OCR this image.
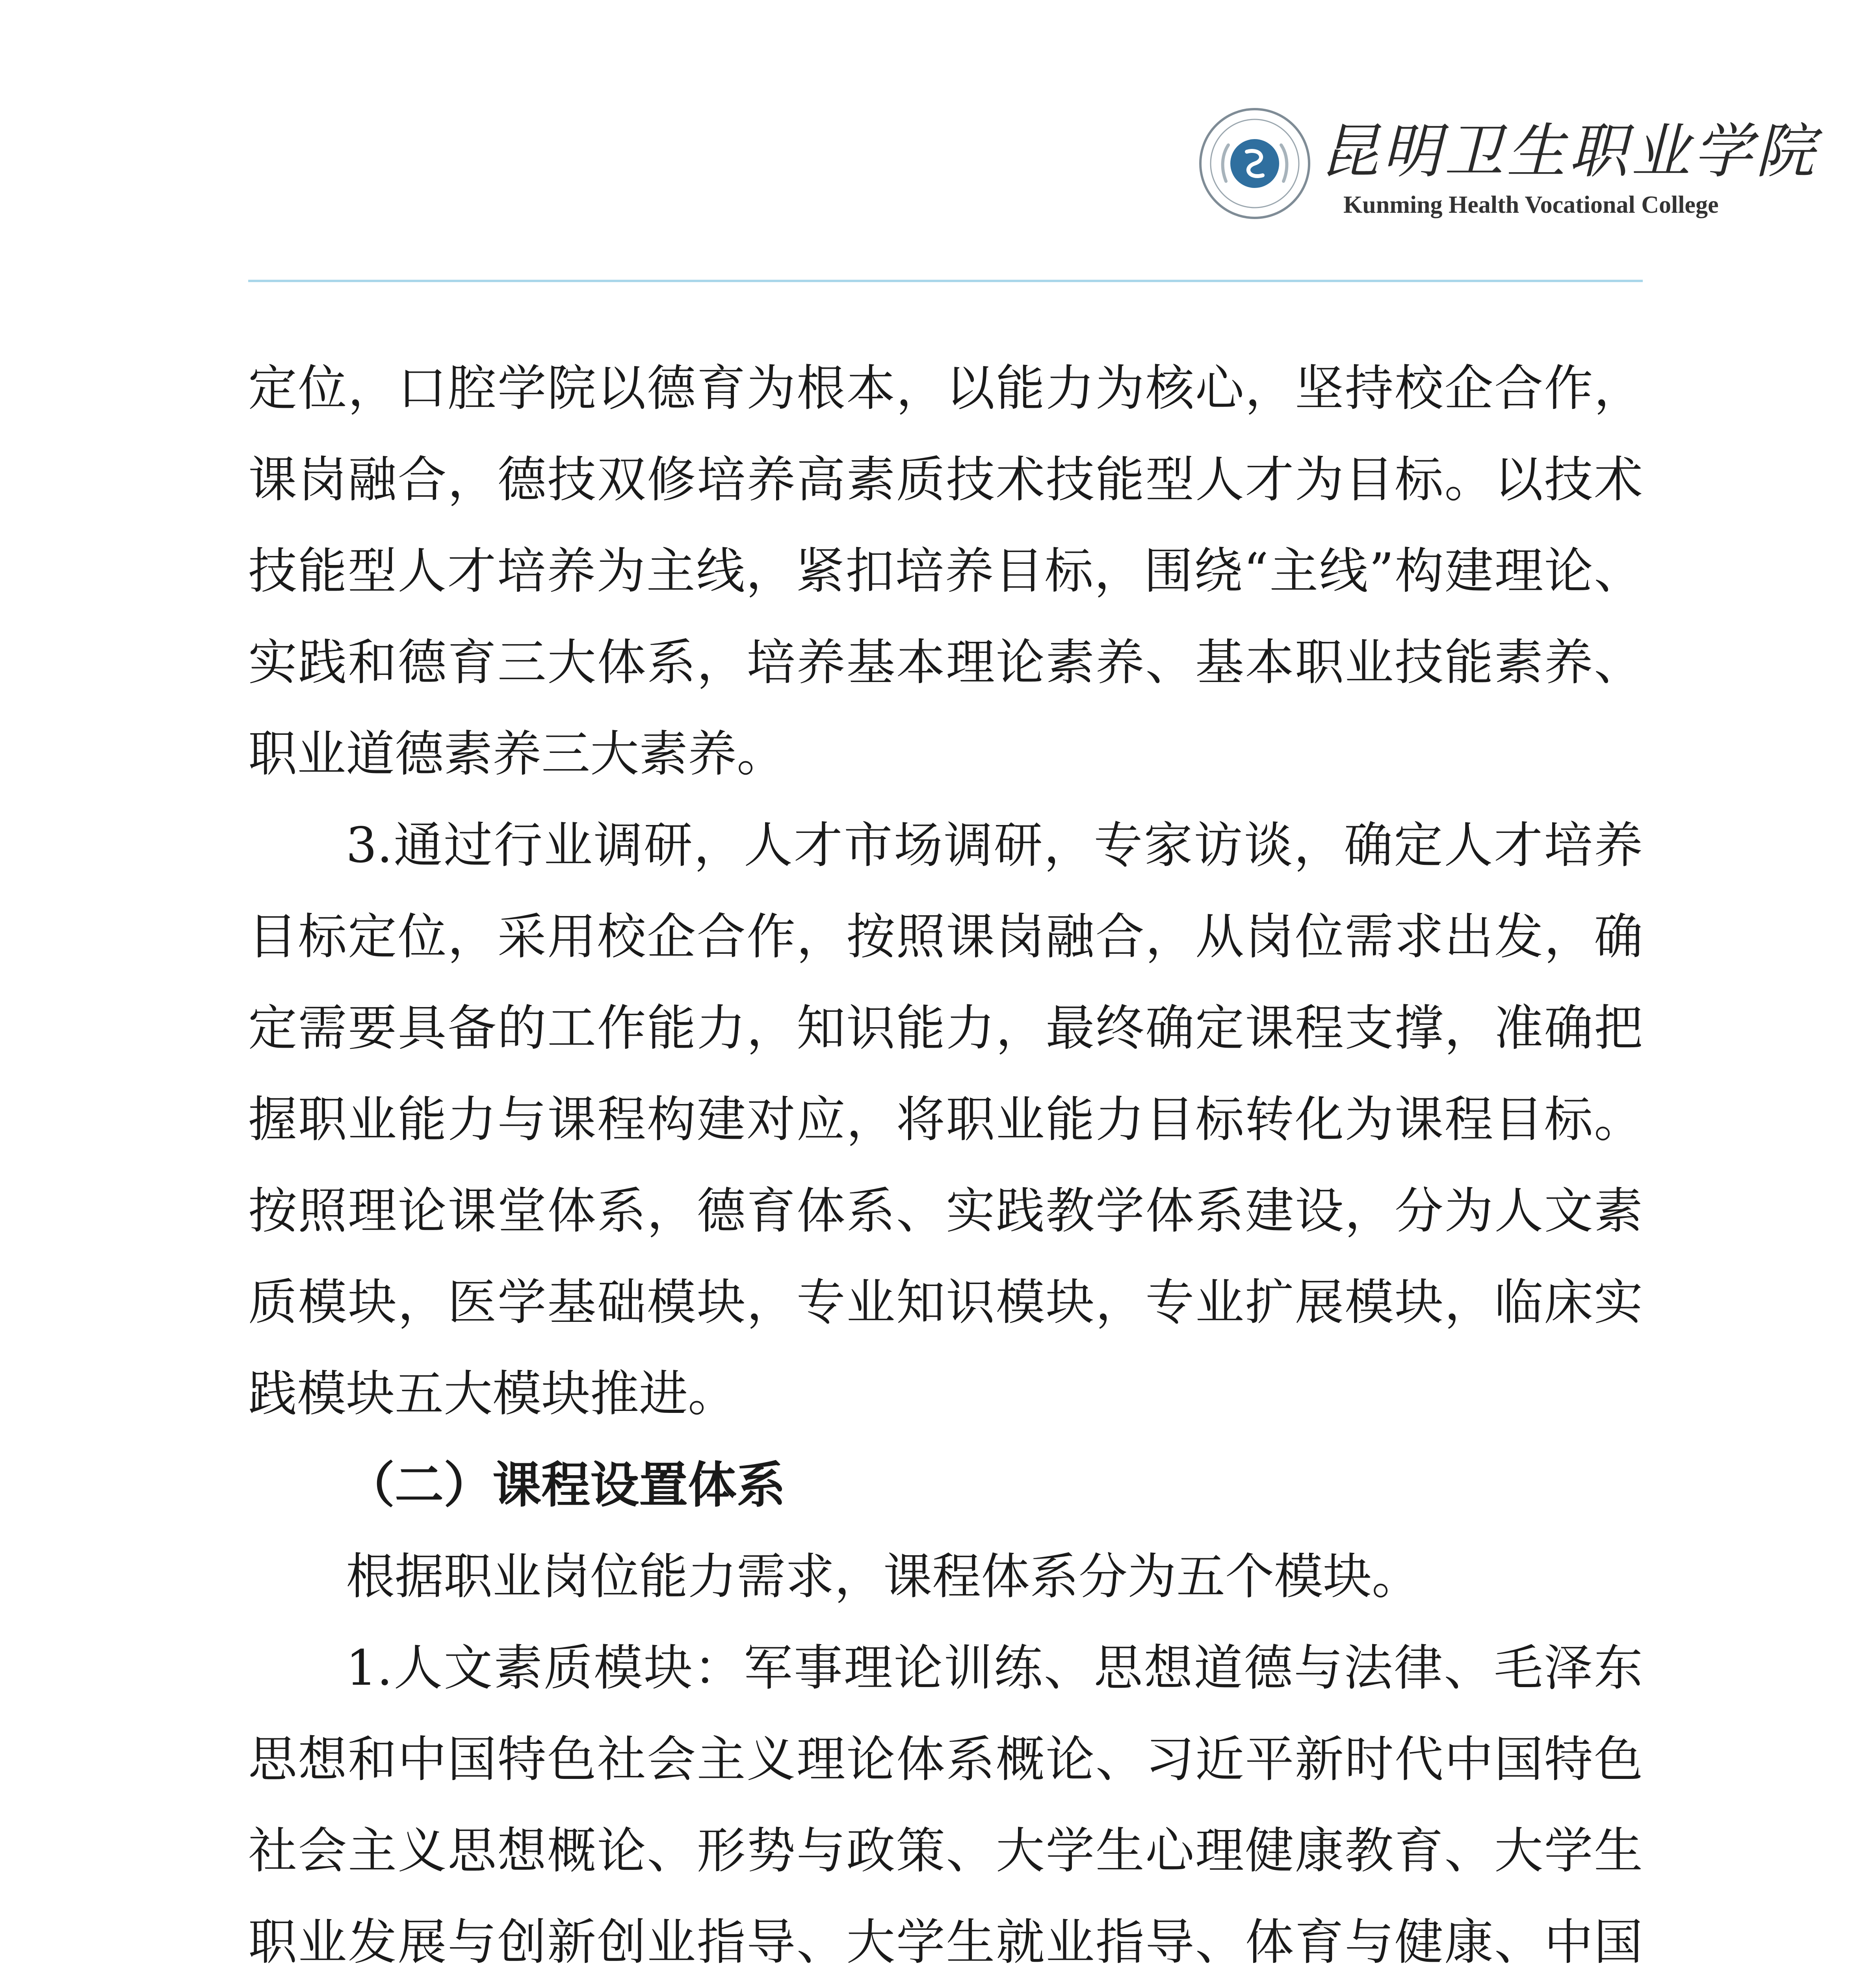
昆明卫生职业学院
Kunming Health Vocational College

定位，口腔学院以德育为根本，以能力为核心，坚持校企合作，课岗融合，德技双修培养高素质技术技能型人才为目标。以技术技能型人才培养为主线，紧扣培养目标，围绕“主线”构建理论、实践和德育三大体系，培养基本理论素养、基本职业技能素养、职业道德素养三大素养。

3.通过行业调研，人才市场调研，专家访谈，确定人才培养目标定位，采用校企合作，按照课岗融合，从岗位需求出发，确定需要具备的工作能力，知识能力，最终确定课程支撑，准确把握职业能力与课程构建对应，将职业能力目标转化为课程目标。按照理论课堂体系，德育体系、实践教学体系建设，分为人文素质模块，医学基础模块，专业知识模块，专业扩展模块，临床实践模块五大模块推进。

（二）课程设置体系

根据职业岗位能力需求，课程体系分为五个模块。

1.人文素质模块：军事理论训练、思想道德与法律、毛泽东思想和中国特色社会主义理论体系概论、习近平新时代中国特色社会主义思想概论、形势与政策、大学生心理健康教育、大学生职业发展与创新创业指导、大学生就业指导、体育与健康、中国
